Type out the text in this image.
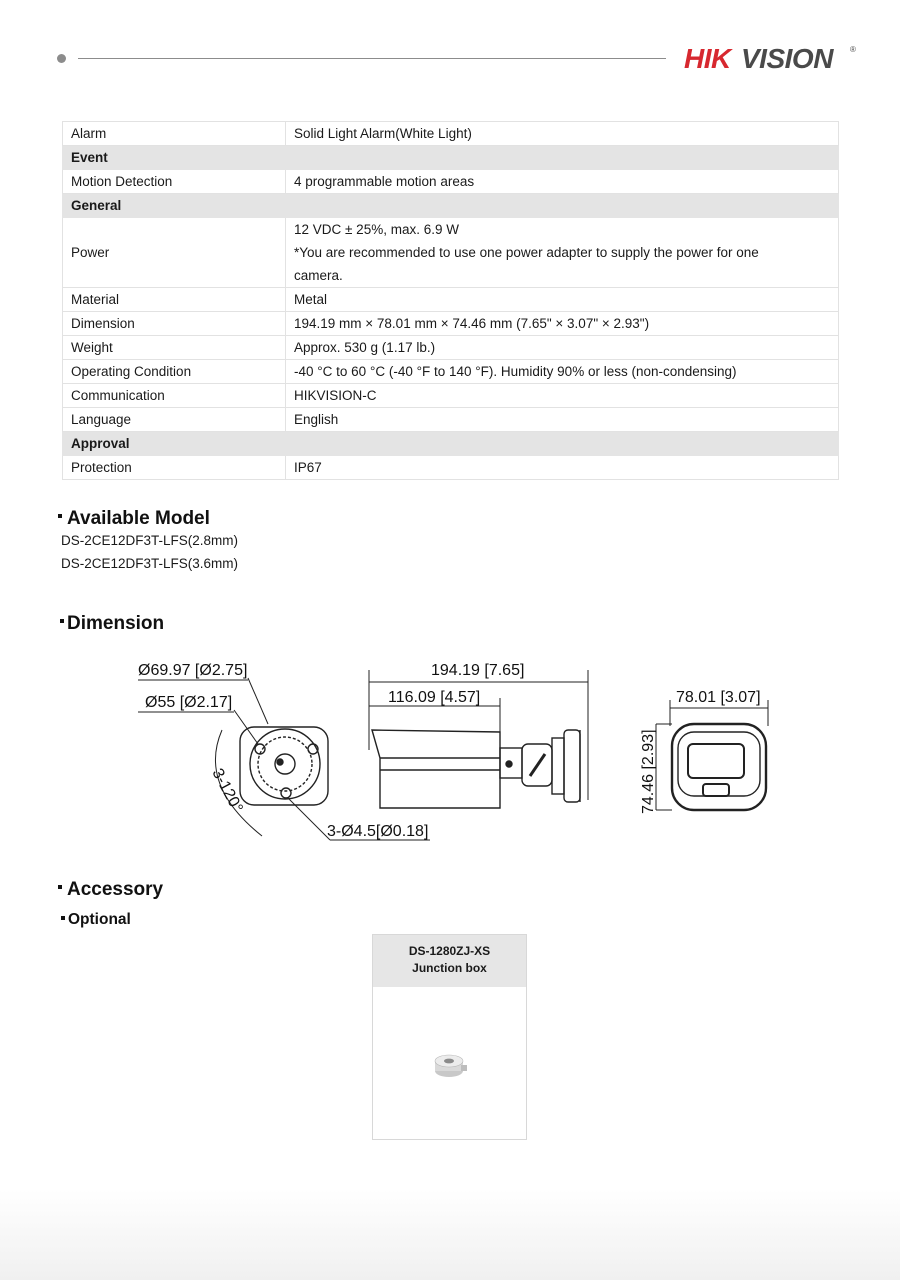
HIK VISION ®
Alarm	Solid Light Alarm(White Light)

Event	
Motion Detection	4 programmable motion areas

General	
Power	12 VDC ± 25%, max. 6.9 W
*You are recommended to use one power adapter to supply the power for one
camera.

Material	Metal

Dimension	194.19 mm × 78.01 mm × 74.46 mm (7.65" × 3.07" × 2.93")

Weight	Approx. 530 g (1.17 lb.)

Operating Condition	-40 °C to 60 °C (-40 °F to 140 °F). Humidity 90% or less (non-condensing)

Communication	HIKVISION-C

Language	English

Approval	
Protection	IP67
Available Model
DS-2CE12DF3T-LFS(2.8mm)
DS-2CE12DF3T-LFS(3.6mm)
Dimension
Ø69.97 [Ø2.75]
Ø55 [Ø2.17]
3-120°
3-Ø4.5[Ø0.18]
194.19 [7.65]
116.09 [4.57]	78.01 [3.07]
74.46 [2.93]
Accessory
Optional
DS-1280ZJ-XS
Junction box
